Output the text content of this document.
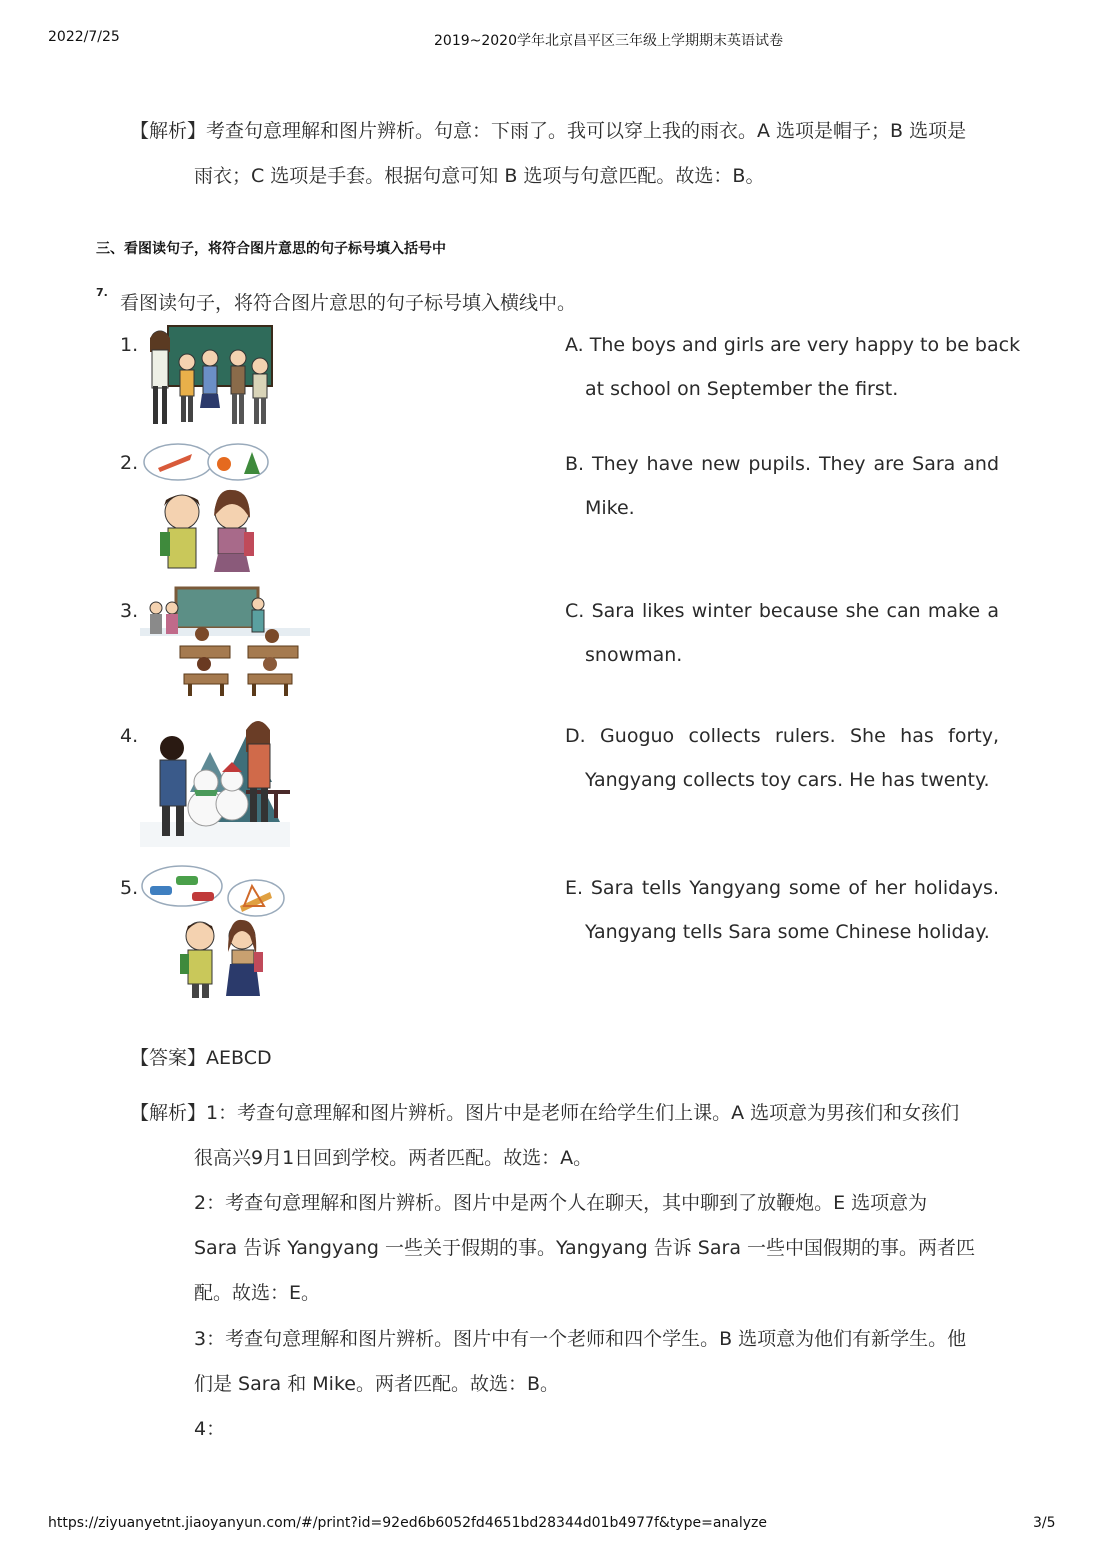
2022/7/25	2019~2020学年北京昌平区三年级上学期期末英语试卷
【解析】考查句意理解和图片辨析。句意：下雨了。我可以穿上我的雨衣。A 选项是帽子；B 选项是
雨衣；C 选项是手套。根据句意可知 B 选项与句意匹配。故选：B。
三、看图读句子，将符合图片意思的句子标号填入括号中
7. 看图读句子，将符合图片意思的句子标号填入横线中。
1.
2.
3.
4.
5.
A. The boys and girls are very happy to be back
at school on September the first.
B. They have new pupils. They are Sara and
Mike.
C. Sara likes winter because she can make a
snowman.
D. Guoguo collects rulers. She has forty,
Yangyang collects toy cars. He has twenty.
E. Sara tells Yangyang some of her holidays.
Yangyang tells Sara some Chinese holiday.
【答案】AEBCD
【解析】1：考查句意理解和图片辨析。图片中是老师在给学生们上课。A 选项意为男孩们和女孩们
很高兴9月1日回到学校。两者匹配。故选：A。
2：考查句意理解和图片辨析。图片中是两个人在聊天，其中聊到了放鞭炮。E 选项意为
Sara 告诉 Yangyang 一些关于假期的事。Yangyang 告诉 Sara 一些中国假期的事。两者匹
配。故选：E。
3：考查句意理解和图片辨析。图片中有一个老师和四个学生。B 选项意为他们有新学生。他
们是 Sara 和 Mike。两者匹配。故选：B。
4：
https://ziyuanyetnt.jiaoyanyun.com/#/print?id=92ed6b6052fd4651bd28344d01b4977f&type=analyze	3/5
